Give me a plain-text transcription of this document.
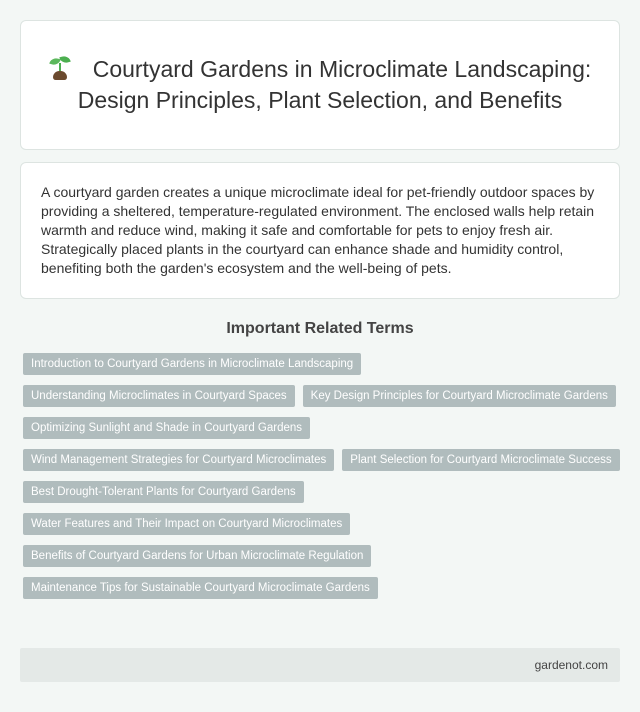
Courtyard Gardens in Microclimate Landscaping: Design Principles, Plant Selection, and Benefits

A courtyard garden creates a unique microclimate ideal for pet-friendly outdoor spaces by providing a sheltered, temperature-regulated environment. The enclosed walls help retain warmth and reduce wind, making it safe and comfortable for pets to enjoy fresh air. Strategically placed plants in the courtyard can enhance shade and humidity control, benefiting both the garden's ecosystem and the well-being of pets.

Important Related Terms
Introduction to Courtyard Gardens in Microclimate Landscaping
Understanding Microclimates in Courtyard Spaces	Key Design Principles for Courtyard Microclimate Gardens
Optimizing Sunlight and Shade in Courtyard Gardens
Wind Management Strategies for Courtyard Microclimates	Plant Selection for Courtyard Microclimate Success
Best Drought-Tolerant Plants for Courtyard Gardens
Water Features and Their Impact on Courtyard Microclimates
Benefits of Courtyard Gardens for Urban Microclimate Regulation
Maintenance Tips for Sustainable Courtyard Microclimate Gardens
gardenot.com
